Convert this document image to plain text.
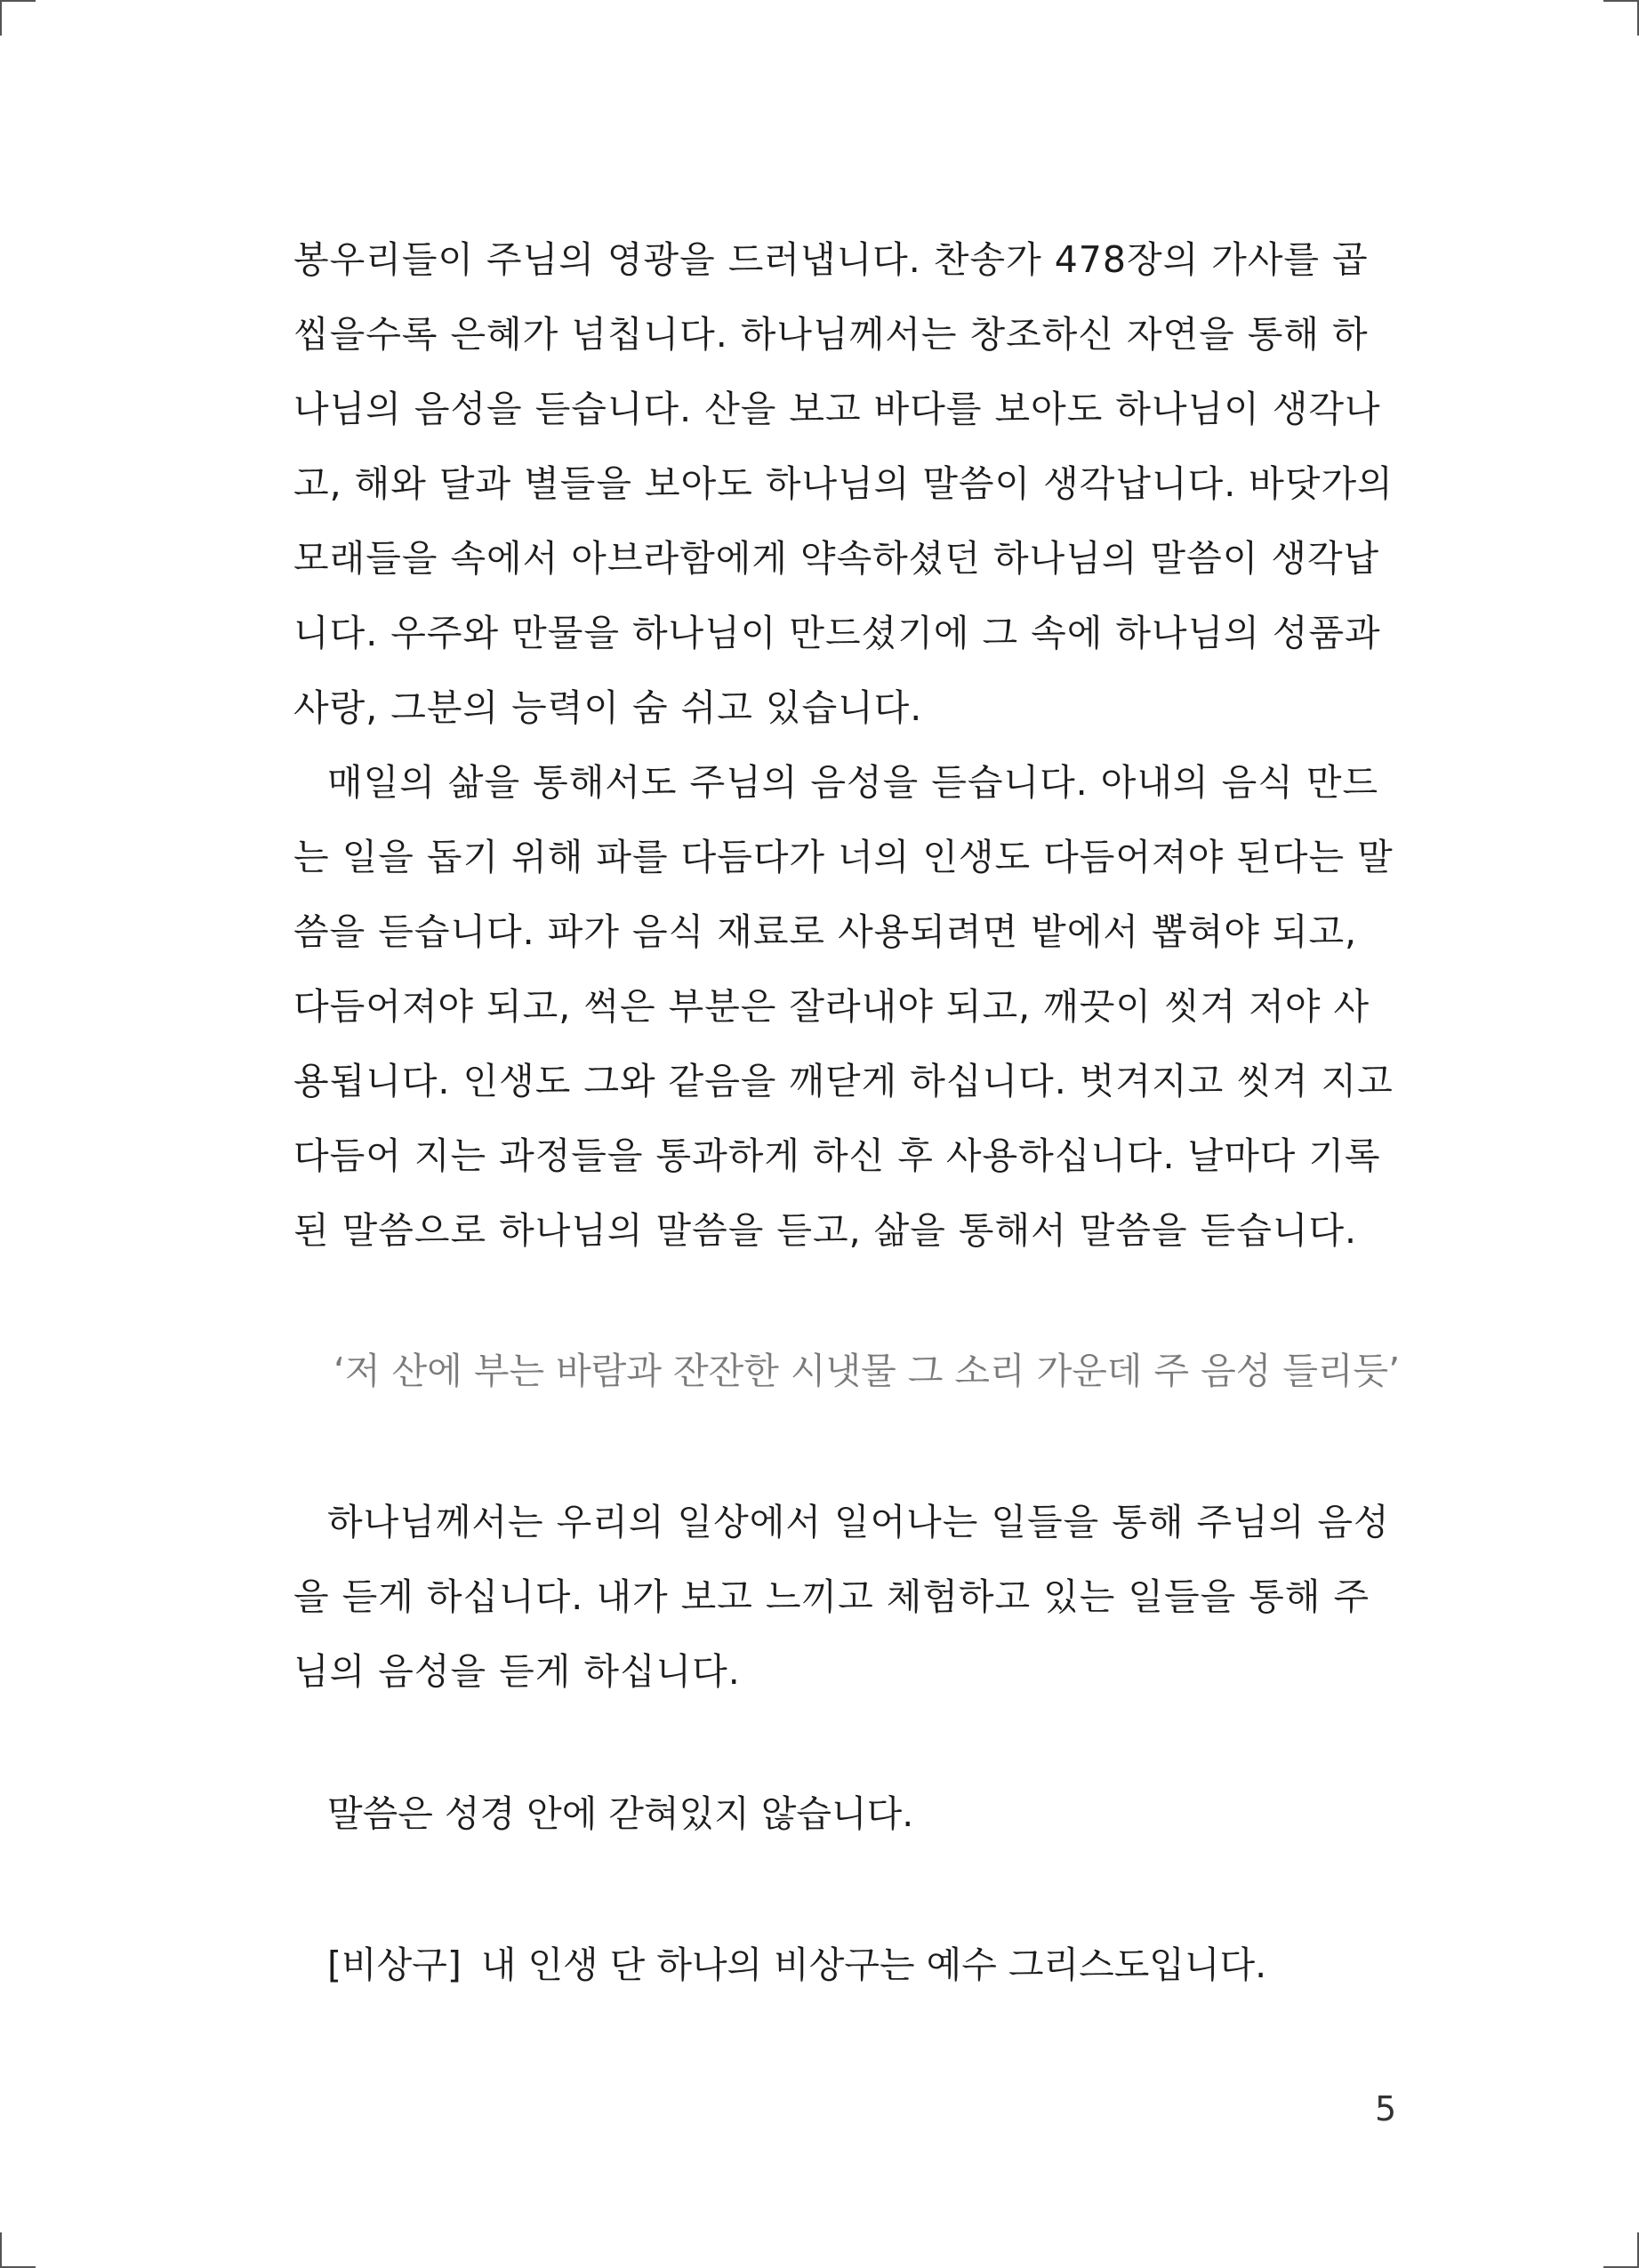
봉우리들이 주님의 영광을 드러냅니다. 찬송가 478장의 가사를 곱씹을수록 은혜가 넘칩니다. 하나님께서는 창조하신 자연을 통해 하나님의 음성을 듣습니다. 산을 보고 바다를 보아도 하나님이 생각나고, 해와 달과 별들을 보아도 하나님의 말씀이 생각납니다. 바닷가의 모래들을 속에서 아브라함에게 약속하셨던 하나님의 말씀이 생각납니다. 우주와 만물을 하나님이 만드셨기에 그 속에 하나님의 성품과 사랑, 그분의 능력이 숨 쉬고 있습니다.

매일의 삶을 통해서도 주님의 음성을 듣습니다. 아내의 음식 만드는 일을 돕기 위해 파를 다듬다가 너의 인생도 다듬어져야 된다는 말씀을 듣습니다. 파가 음식 재료로 사용되려면 밭에서 뽑혀야 되고, 다듬어져야 되고, 썩은 부분은 잘라내야 되고, 깨끗이 씻겨 저야 사용됩니다. 인생도 그와 같음을 깨닫게 하십니다. 벗겨지고 씻겨 지고 다듬어 지는 과정들을 통과하게 하신 후 사용하십니다. 날마다 기록된 말씀으로 하나님의 말씀을 듣고, 삶을 통해서 말씀을 듣습니다.

‘저 산에 부는 바람과 잔잔한 시냇물 그 소리 가운데 주 음성 들리듯’

하나님께서는 우리의 일상에서 일어나는 일들을 통해 주님의 음성을 듣게 하십니다. 내가 보고 느끼고 체험하고 있는 일들을 통해 주님의 음성을 듣게 하십니다.

말씀은 성경 안에 갇혀있지 않습니다.

[비상구] 내 인생 단 하나의 비상구는 예수 그리스도입니다.

5
